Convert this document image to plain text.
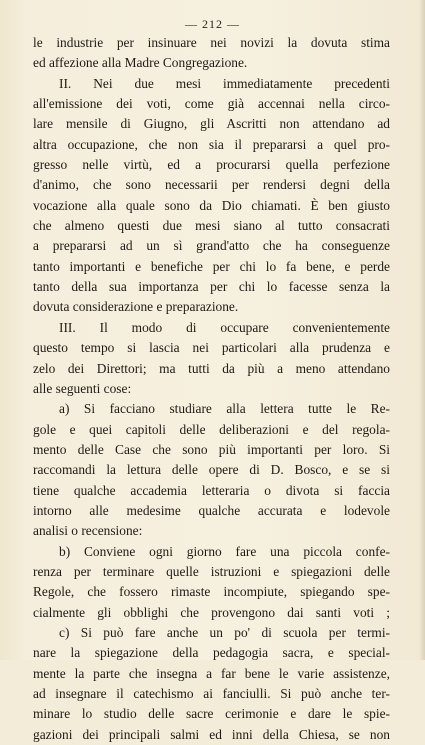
— 212 —
le industrie per insinuare nei novizi la dovuta stima
ed affezione alla Madre Congregazione.
II. Nei due mesi immediatamente precedenti
all'emissione dei voti, come già accennai nella circo-
lare mensile di Giugno, gli Ascritti non attendano ad
altra occupazione, che non sia il prepararsi a quel pro-
gresso nelle virtù, ed a procurarsi quella perfezione
d'animo, che sono necessarii per rendersi degni della
vocazione alla quale sono da Dio chiamati. È ben giusto
che almeno questi due mesi siano al tutto consacrati
a prepararsi ad un sì grand'atto che ha conseguenze
tanto importanti e benefiche per chi lo fa bene, e perde
tanto della sua importanza per chi lo facesse senza la
dovuta considerazione e preparazione.
III. Il modo di occupare convenientemente
questo tempo si lascia nei particolari alla prudenza e
zelo dei Direttori; ma tutti da più a meno attendano
alle seguenti cose:
a) Si facciano studiare alla lettera tutte le Re-
gole e quei capitoli delle deliberazioni e del regola-
mento delle Case che sono più importanti per loro. Si
raccomandi la lettura delle opere di D. Bosco, e se si
tiene qualche accademia letteraria o divota si faccia
intorno alle medesime qualche accurata e lodevole
analisi o recensione:
b) Conviene ogni giorno fare una piccola confe-
renza per terminare quelle istruzioni e spiegazioni delle
Regole, che fossero rimaste incompiute, spiegando spe-
cialmente gli obblighi che provengono dai santi voti ;
c) Si può fare anche un po' di scuola per termi-
nare la spiegazione della pedagogia sacra, e special-
mente la parte che insegna a far bene le varie assistenze,
ad insegnare il catechismo ai fanciulli. Si può anche ter-
minare lo studio delle sacre cerimonie e dare le spie-
gazioni dei principali salmi ed inni della Chiesa, se non
